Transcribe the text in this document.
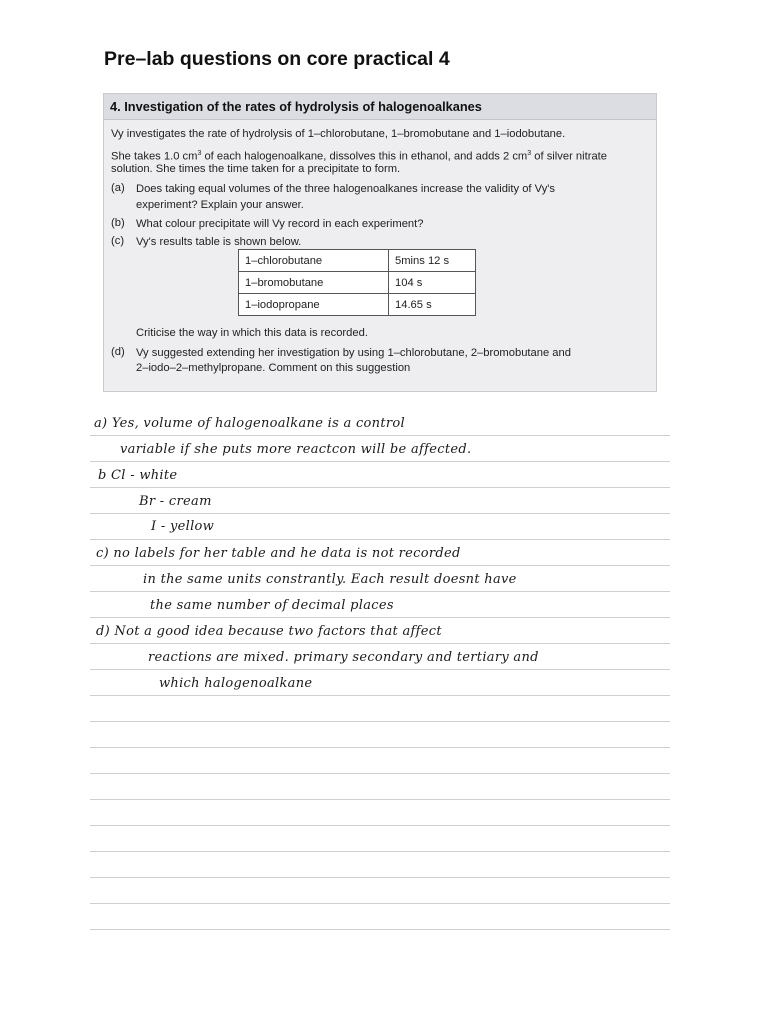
Pre–lab questions on core practical 4
4. Investigation of the rates of hydrolysis of halogenoalkanes
Vy investigates the rate of hydrolysis of 1–chlorobutane, 1–bromobutane and 1–iodobutane.
She takes 1.0 $cm^3$ of each halogenoalkane, dissolves this in ethanol, and adds 2 $cm^3$ of silver nitrate
solution. She times the time taken for a precipitate to form.
(a) Does taking equal volumes of the three halogenoalkanes increase the validity of Vy's
experiment? Explain your answer.
(b) What colour precipitate will Vy record in each experiment?
(c) Vy's results table is shown below.
1–chlorobutane	5mins 12 s
1–bromobutane	104 s
1–iodopropane	14.65 s
Criticise the way in which this data is recorded.
(d) Vy suggested extending her investigation by using 1–chlorobutane, 2–bromobutane and
2–iodo–2–methylpropane. Comment on this suggestion
a) Yes, volume of halogenoalkane is a control
variable if she puts more reactcon will be affected.
b Cl - white
Br - cream
I - yellow
c) no labels for her table and he data is not recorded
in the same units constrantly. Each result doesnt have
the same number of decimal places
d) Not a good idea because two factors that affect
reactions are mixed. primary secondary and tertiary and
which halogenoalkane
